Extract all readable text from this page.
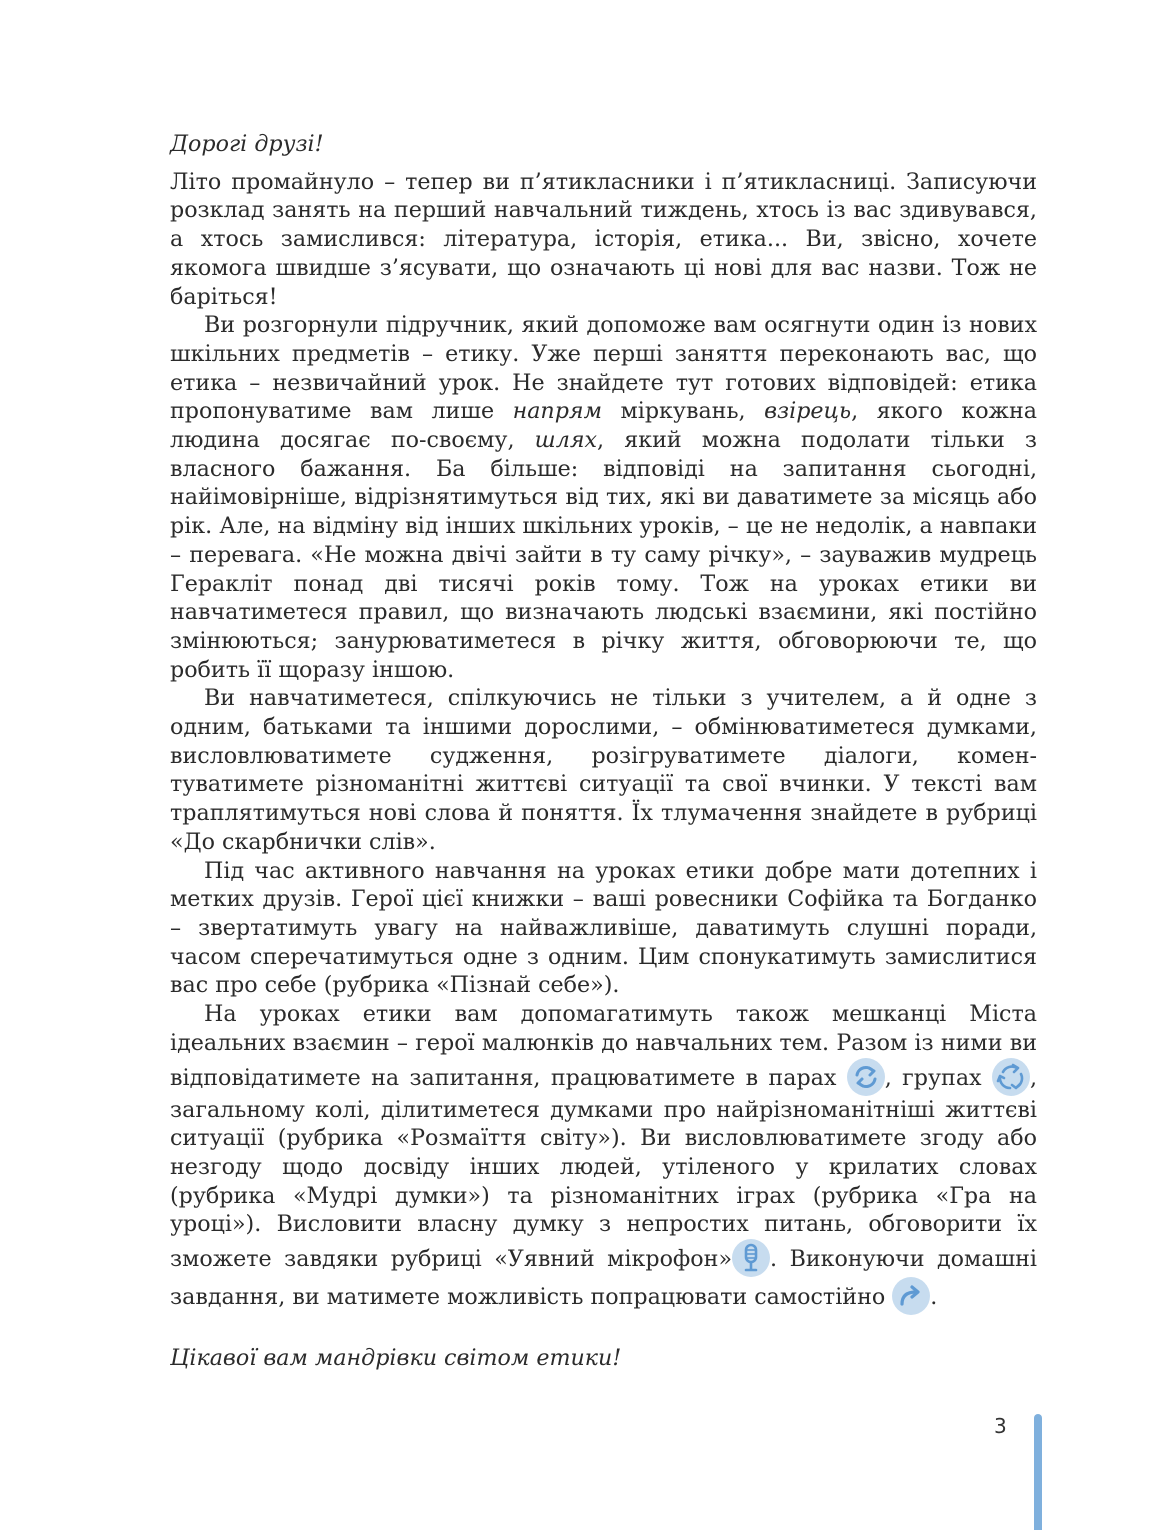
Дорогі друзі!

Літо промайнуло – тепер ви п’ятикласники і п’ятикласниці. Записуючи розклад занять на перший навчальний тиждень, хтось із вас здивувався, а хтось замислився: література, історія, етика... Ви, звісно, хочете якомога швидше з’ясувати, що означають ці нові для вас назви. Тож не баріться!

Ви розгорнули підручник, який допоможе вам осягнути один із нових шкільних предметів – етику. Уже перші заняття переконають вас, що етика – незвичайний урок. Не знайдете тут готових відповідей: етика пропонуватиме вам лише напрям міркувань, взірець, якого кожна людина досягає по-своєму, шлях, який можна подолати тільки з власного бажання. Ба більше: відповіді на запитання сьогодні, найімовірніше, відрізнятимуться від тих, які ви даватимете за місяць або рік. Але, на відміну від інших шкільних уроків, – це не недолік, а навпаки – перевага. «Не можна двічі зайти в ту саму річку», – зауважив мудрець Геракліт понад дві тисячі років тому. Тож на уроках етики ви навчатиметеся правил, що визначають людські взаємини, які постійно змінюються; занурюватиметеся в річку життя, обговорюючи те, що робить її щоразу іншою.

Ви навчатиметеся, спілкуючись не тільки з учителем, а й одне з одним, батьками та іншими дорослими, – обмінюватиметеся думками, висловлюватимете судження, розігруватимете діалоги, коментуватимете різноманітні життєві ситуації та свої вчинки. У тексті вам траплятимуться нові слова й поняття. Їх тлумачення знайдете в рубриці «До скарбнички слів».

Під час активного навчання на уроках етики добре мати дотепних і метких друзів. Герої цієї книжки – ваші ровесники Софійка та Богданко – звертатимуть увагу на найважливіше, даватимуть слушні поради, часом сперечатимуться одне з одним. Цим спонукатимуть замислитися вас про себе (рубрика «Пізнай себе»).

На уроках етики вам допомагатимуть також мешканці Міста ідеальних взаємин – герої малюнків до навчальних тем. Разом із ними ви відповідатимете на запитання, працюватимете в парах
, групах
, загальному колі, ділитиметеся думками про найрізноманітніші життєві ситуації (рубрика «Розмаїття світу»). Ви висловлюватимете згоду або незгоду щодо досвіду інших людей, утіленого у крилатих словах (рубрика «Мудрі думки») та різноманітних іграх (рубрика «Гра на уроці»). Висловити власну думку з непростих питань, обговорити їх зможете завдяки рубриці «Уявний мікрофон» . Виконуючи домашні завдання, ви матимете можливість попрацювати самостійно
.

Цікавої вам мандрівки світом етики!

3
